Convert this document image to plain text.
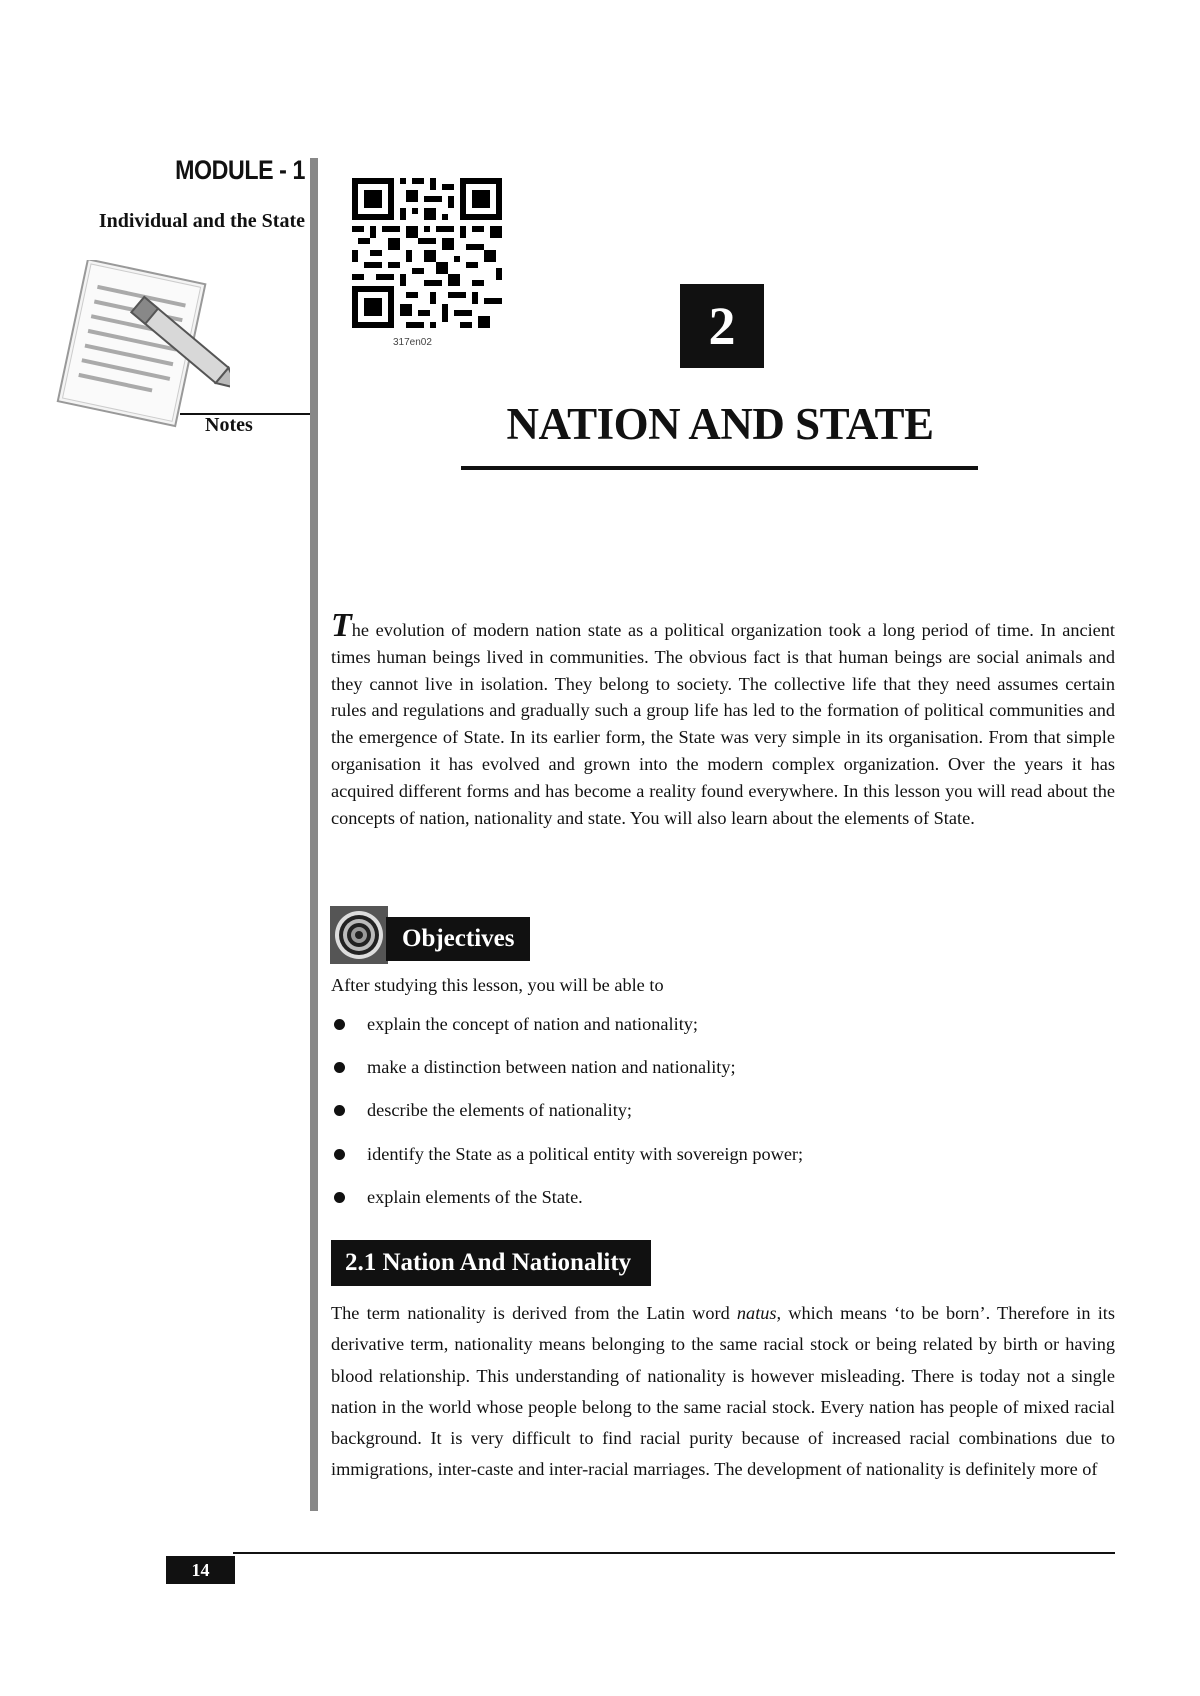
MODULE - 1
Individual and the State
Notes
317en02	2
NATION AND STATE
The evolution of modern nation state as a political organization took a long period of time. In ancient times human beings lived in communities. The obvious fact is that human beings are social animals and they cannot live in isolation. They belong to society. The collective life that they need assumes certain rules and regulations and gradually such a group life has led to the formation of political communities and the emergence of State. In its earlier form, the State was very simple in its organisation. From that simple organisation it has evolved and grown into the modern complex organization. Over the years it has acquired different forms and has become a reality found everywhere. In this lesson you will read about the concepts of nation, nationality and state. You will also learn about the elements of State.
Objectives
After studying this lesson, you will be able to
explain the concept of nation and nationality;
make a distinction between nation and nationality;
describe the elements of nationality;
identify the State as a political entity with sovereign power;
explain elements of the State.
2.1 Nation And Nationality
The term nationality is derived from the Latin word natus, which means ‘to be born’. Therefore in its derivative term, nationality means belonging to the same racial stock or being related by birth or having blood relationship. This understanding of nationality is however misleading. There is today not a single nation in the world whose people belong to the same racial stock. Every nation has people of mixed racial background. It is very difficult to find racial purity because of increased racial combinations due to immigrations, inter-caste and inter-racial marriages. The development of nationality is definitely more of
14
